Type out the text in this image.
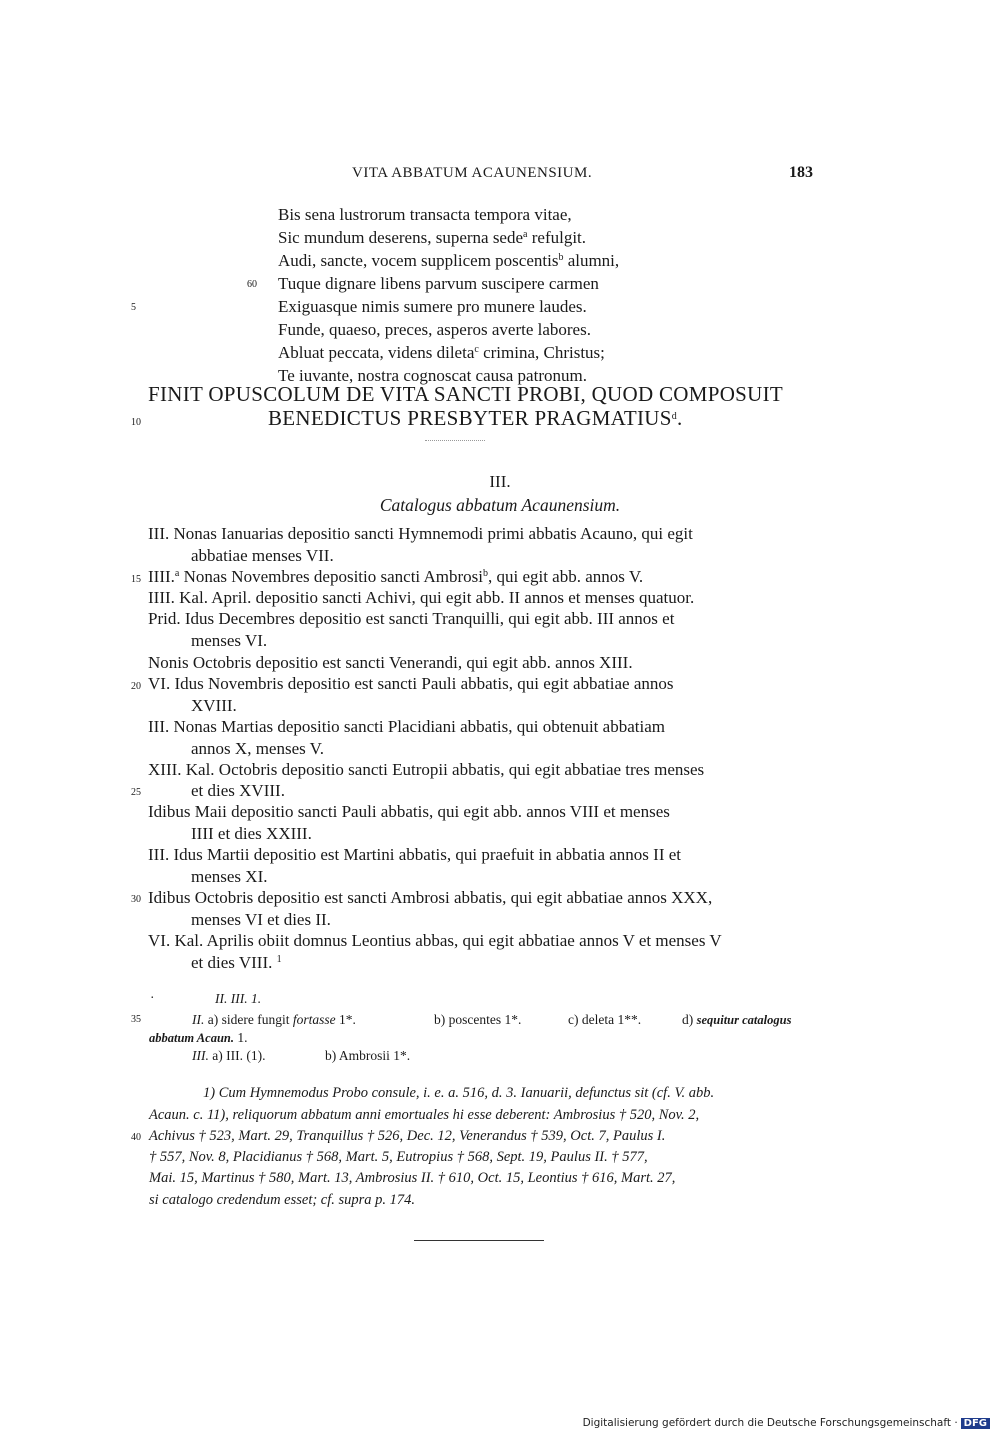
VITA ABBATUM ACAUNENSIUM.	183
Bis sena lustrorum transacta tempora vitae,
Sic mundum deserens, superna sede$^a$ refulgit.
Audi, sancte, vocem supplicem poscentis$^b$ alumni,
Tuque dignare libens parvum suscipere carmen
Exiguasque nimis sumere pro munere laudes.
Funde, quaeso, preces, asperos averte labores.
Abluat peccata, videns dileta$^c$ crimina, Christus;
Te iuvante, nostra cognoscat causa patronum.
60
5
10
15
20
25
30
35
40
FINIT OPUSCOLUM DE VITA SANCTI PROBI, QUOD COMPOSUIT
BENEDICTUS PRESBYTER PRAGMATIUS$^d$.
III.
Catalogus abbatum Acaunensium.
III. Nonas Ianuarias depositio sancti Hymnemodi primi abbatis Acauno, qui egit
abbatiae menses VII.
IIII.$^a$ Nonas Novembres depositio sancti Ambrosi$^b$, qui egit abb. annos V.
IIII. Kal. April. depositio sancti Achivi, qui egit abb. II annos et menses quatuor.
Prid. Idus Decembres depositio est sancti Tranquilli, qui egit abb. III annos et
menses VI.
Nonis Octobris depositio est sancti Venerandi, qui egit abb. annos XIII.
VI. Idus Novembris depositio est sancti Pauli abbatis, qui egit abbatiae annos
XVIII.
III. Nonas Martias depositio sancti Placidiani abbatis, qui obtenuit abbatiam
annos X, menses V.
XIII. Kal. Octobris depositio sancti Eutropii abbatis, qui egit abbatiae tres menses
et dies XVIII.
Idibus Maii depositio sancti Pauli abbatis, qui egit abb. annos VIII et menses
IIII et dies XXIII.
III. Idus Martii depositio est Martini abbatis, qui praefuit in abbatia annos II et
menses XI.
Idibus Octobris depositio est sancti Ambrosi abbatis, qui egit abbatiae annos XXX,
menses VI et dies II.
VI. Kal. Aprilis obiit domnus Leontius abbas, qui egit abbatiae annos V et menses V
et dies VIII. $^1$
·	II. III. 1.
II. a) sidere fungit fortasse 1*.	b) poscentes 1*.	c) deleta 1**.	d) sequitur catalogus
abbatum Acaun. 1.
III. a) III. (1).	b) Ambrosii 1*.
1) Cum Hymnemodus Probo consule, i. e. a. 516, d. 3. Ianuarii, defunctus sit (cf. V. abb.
Acaun. c. 11), reliquorum abbatum anni emortuales hi esse deberent: Ambrosius † 520, Nov. 2,
Achivus † 523, Mart. 29, Tranquillus † 526, Dec. 12, Venerandus † 539, Oct. 7, Paulus I.
† 557, Nov. 8, Placidianus † 568, Mart. 5, Eutropius † 568, Sept. 19, Paulus II. † 577,
Mai. 15, Martinus † 580, Mart. 13, Ambrosius II. † 610, Oct. 15, Leontius † 616, Mart. 27,
si catalogo credendum esset; cf. supra p. 174.
Digitalisierung gefördert durch die Deutsche Forschungsgemeinschaft · DFG
